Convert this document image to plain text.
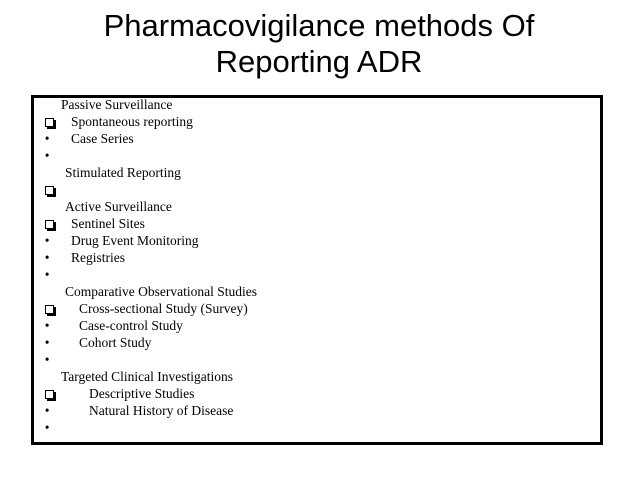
Pharmacovigilance methods Of
Reporting ADR

Passive Surveillance

•
Spontaneous reporting

•
Case Series

Stimulated Reporting

Active Surveillance

•
Sentinel Sites

•
Drug Event Monitoring

•
Registries

Comparative Observational Studies

•
Cross-sectional Study (Survey)

•
Case-control Study

•
Cohort Study

Targeted Clinical Investigations

•
Descriptive Studies

•
Natural History of Disease
